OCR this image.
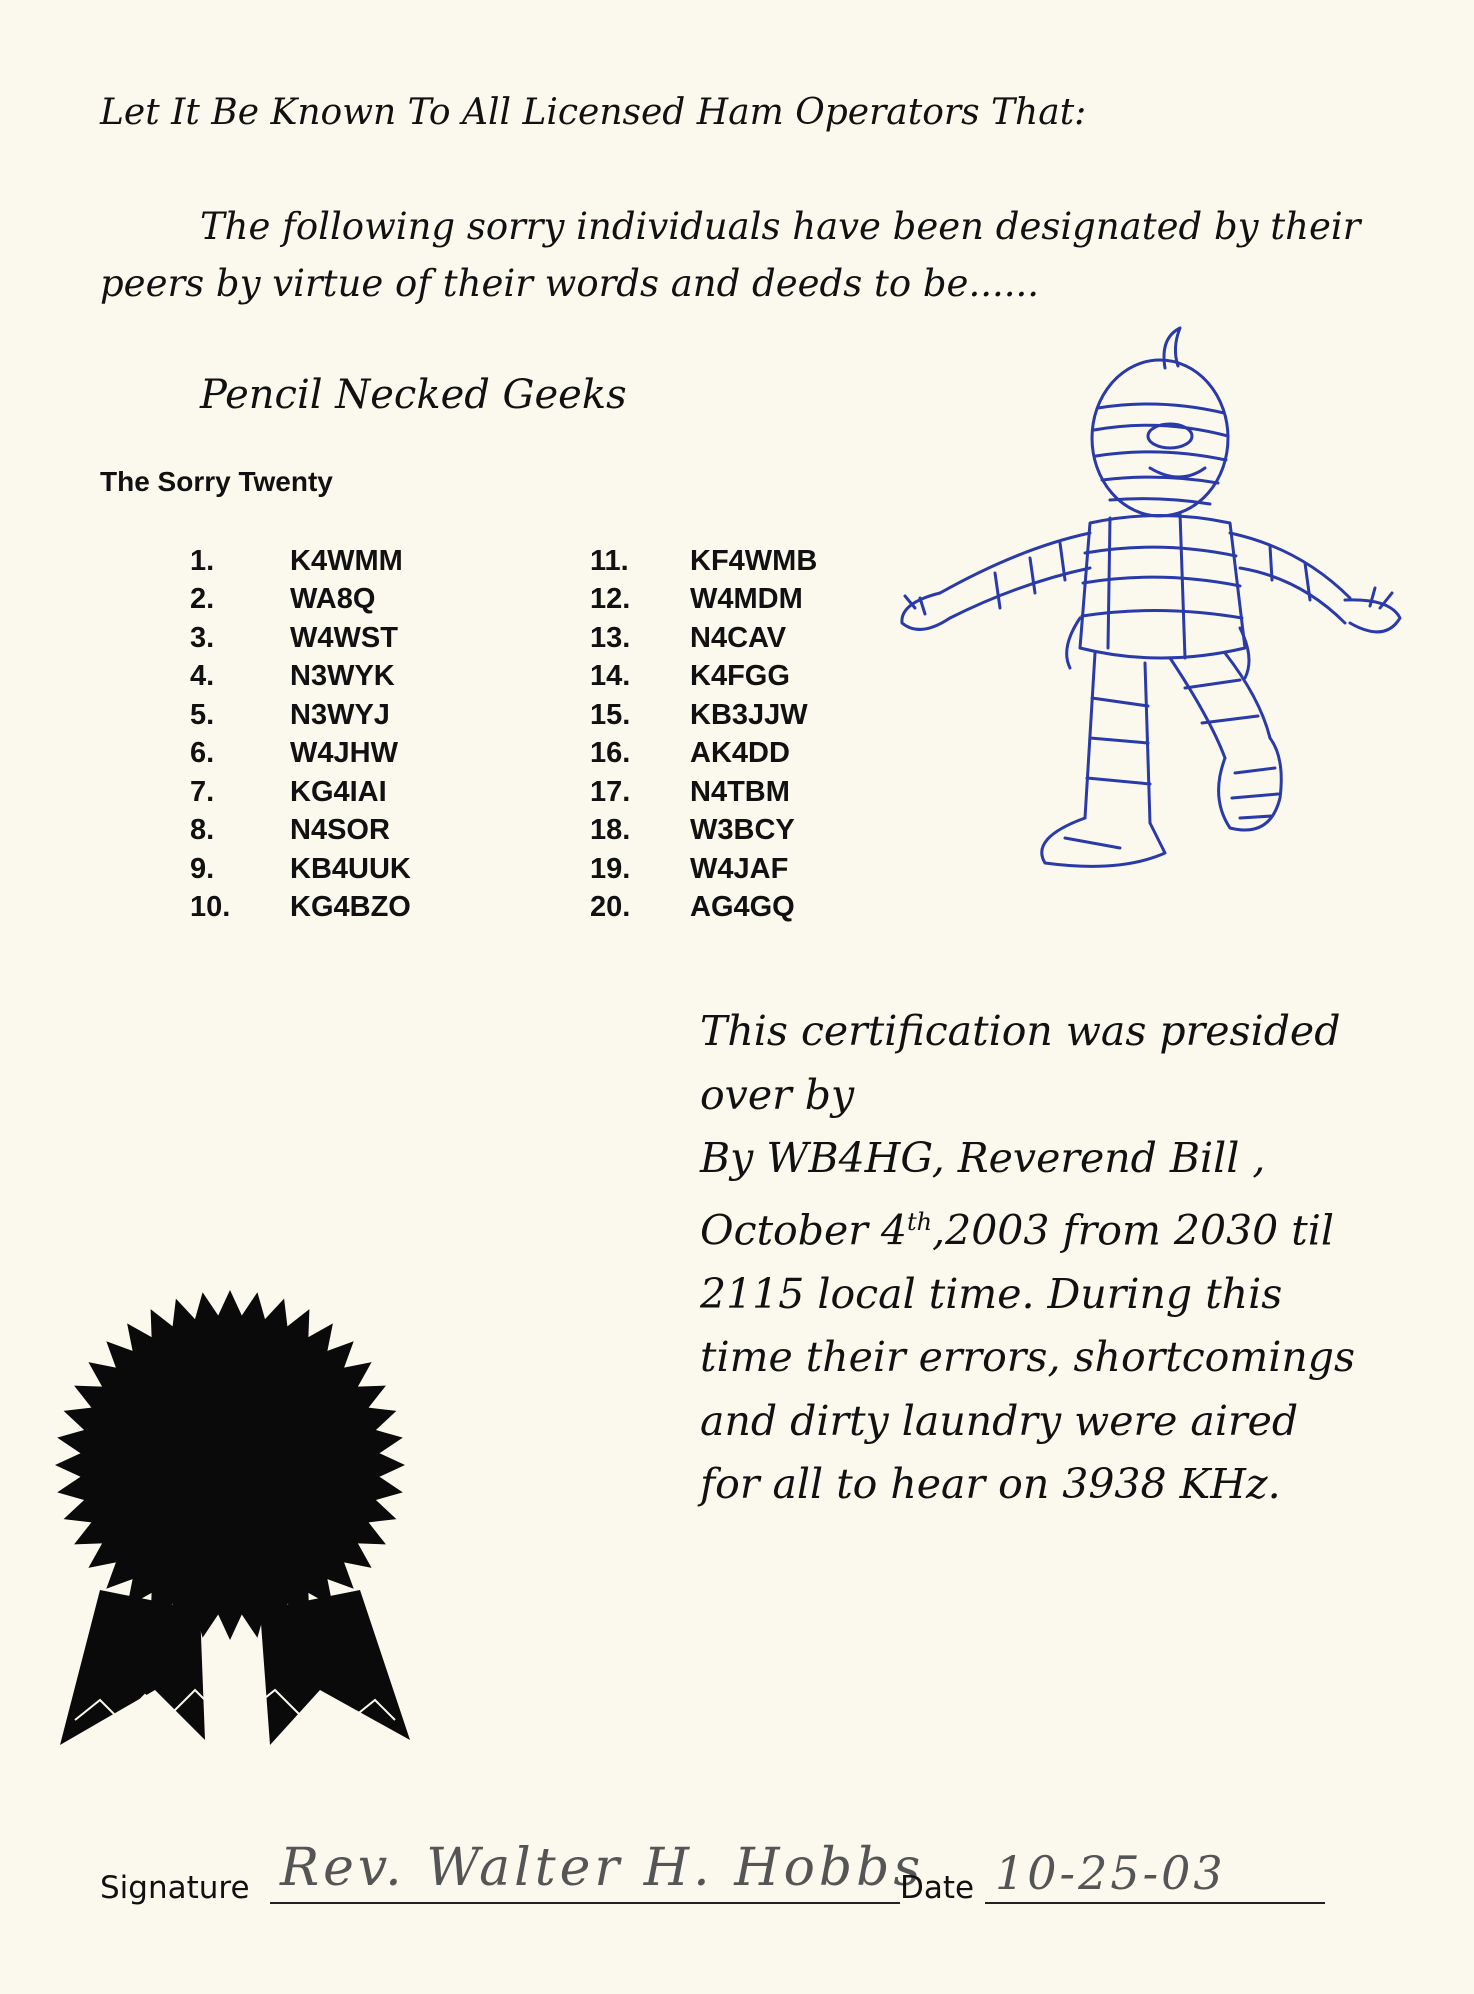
Let It Be Known To All Licensed Ham Operators That:
The following sorry individuals have been designated by their
peers by virtue of their words and deeds to be......
Pencil Necked Geeks
The Sorry Twenty
1.	K4WMM
2.	WA8Q
3.	W4WST
4.	N3WYK
5.	N3WYJ
6.	W4JHW
7.	KG4IAI
8.	N4SOR
9.	KB4UUK
10.	KG4BZO
11.	KF4WMB
12.	W4MDM
13.	N4CAV
14.	K4FGG
15.	KB3JJW
16.	AK4DD
17.	N4TBM
18.	W3BCY
19.	W4JAF
20.	AG4GQ
This certification was presided
over by
By WB4HG, Reverend Bill ,
October 4th,2003 from 2030 til
2115 local time. During this
time their errors, shortcomings
and dirty laundry were aired
for all to hear on 3938 KHz.
Signature Rev. Walter H. Hobbs
Date 10-25-03
